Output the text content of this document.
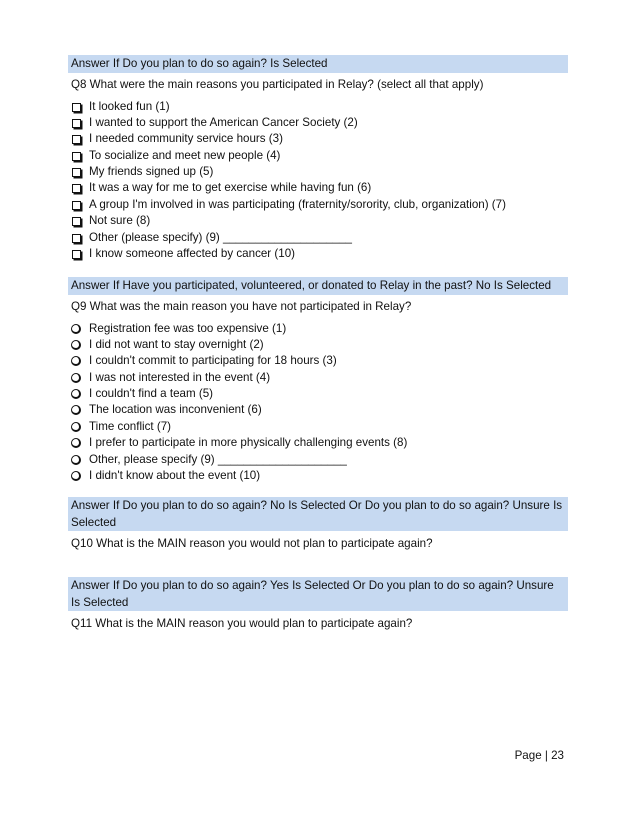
Answer If Do you plan to do so again? Is Selected
Q8 What were the main reasons you participated in Relay? (select all that apply)
It looked fun (1)
I wanted to support the American Cancer Society (2)
I needed community service hours (3)
To socialize and meet new people (4)
My friends signed up (5)
It was a way for me to get exercise while having fun (6)
A group I'm involved in was participating (fraternity/sorority, club, organization) (7)
Not sure (8)
Other (please specify) (9) ____________________
I know someone affected by cancer (10)
Answer If Have you participated, volunteered, or donated to Relay in the past? No Is Selected
Q9 What was the main reason you have not participated in Relay?
Registration fee was too expensive (1)
I did not want to stay overnight (2)
I couldn't commit to participating for 18 hours (3)
I was not interested in the event (4)
I couldn't find a team (5)
The location was inconvenient (6)
Time conflict (7)
I prefer to participate in more physically challenging events (8)
Other, please specify (9) ____________________
I didn't know about the event (10)
Answer If Do you plan to do so again? No Is Selected Or Do you plan to do so again? Unsure Is Selected
Q10 What is the MAIN reason you would not plan to participate again?
Answer If Do you plan to do so again? Yes Is Selected Or Do you plan to do so again? Unsure Is Selected
Q11 What is the MAIN reason you would plan to participate again?
Page | 23
